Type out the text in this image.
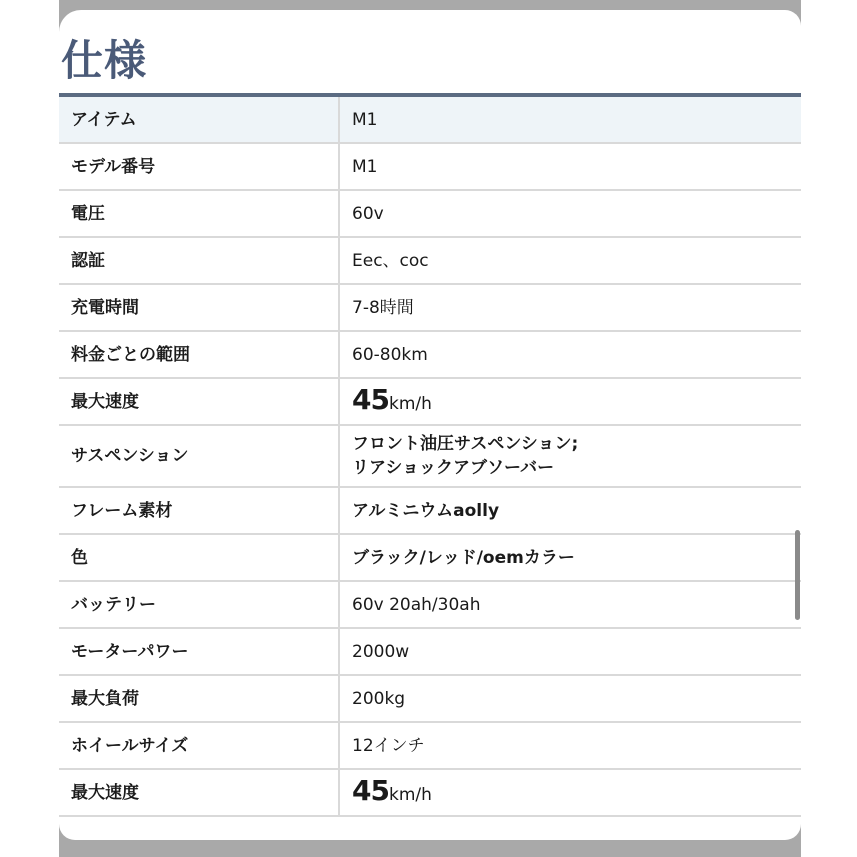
仕様
アイテム	M1
モデル番号	M1
電圧	60v
認証	Eec、coc
充電時間	7-8時間
料金ごとの範囲	60-80km
最大速度	45km/h
サスペンション	フロント油圧サスペンション;
リアショックアブソーバー
フレーム素材	アルミニウムaolly
色	ブラック/レッド/oemカラー
バッテリー	60v 20ah/30ah
モーターパワー	2000w
最大負荷	200kg
ホイールサイズ	12インチ
最大速度	45km/h
